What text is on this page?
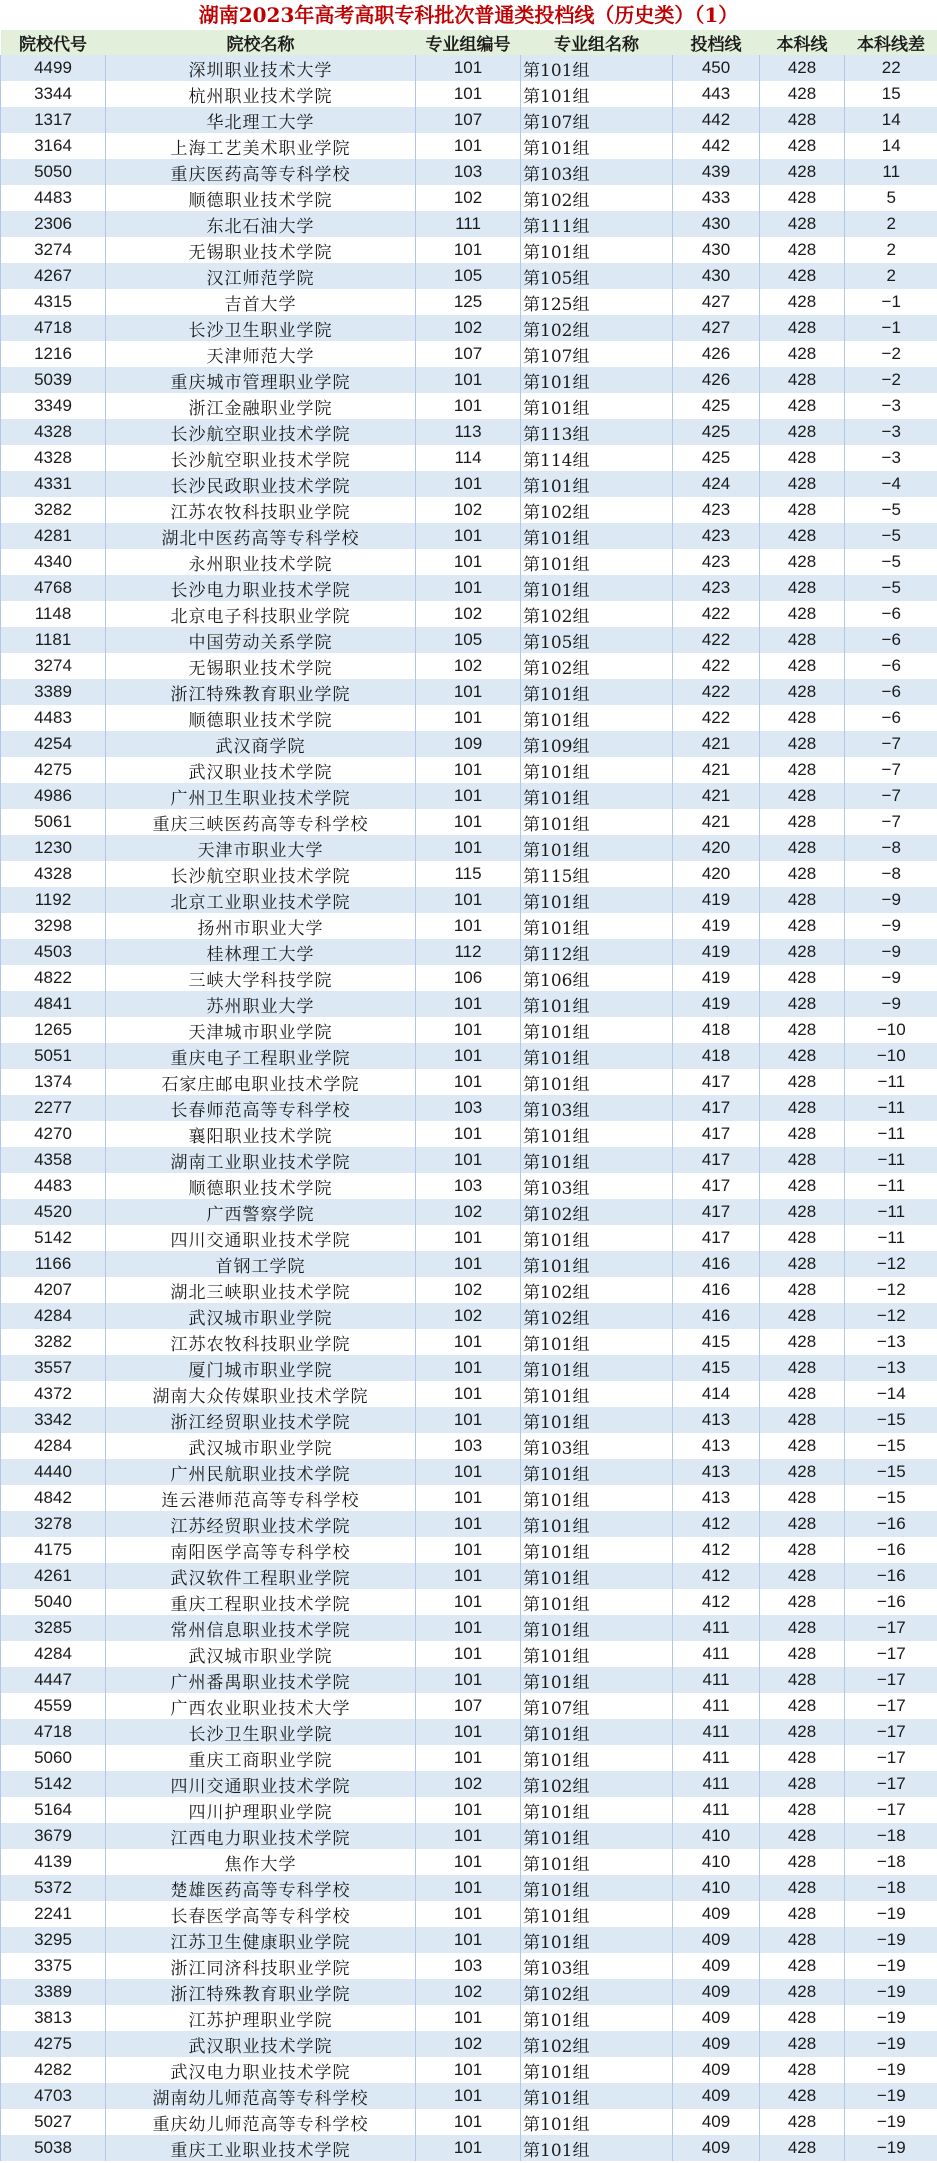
湖南2023年高考高职专科批次普通类投档线（历史类）（1）
院校代号	院校名称	专业组编号	专业组名称	投档线	本科线	本科线差
4499	深圳职业技术大学	101	第101组	450	428	22
3344	杭州职业技术学院	101	第101组	443	428	15
1317	华北理工大学	107	第107组	442	428	14
3164	上海工艺美术职业学院	101	第101组	442	428	14
5050	重庆医药高等专科学校	103	第103组	439	428	11
4483	顺德职业技术学院	102	第102组	433	428	5
2306	东北石油大学	111	第111组	430	428	2
3274	无锡职业技术学院	101	第101组	430	428	2
4267	汉江师范学院	105	第105组	430	428	2
4315	吉首大学	125	第125组	427	428	−1
4718	长沙卫生职业学院	102	第102组	427	428	−1
1216	天津师范大学	107	第107组	426	428	−2
5039	重庆城市管理职业学院	101	第101组	426	428	−2
3349	浙江金融职业学院	101	第101组	425	428	−3
4328	长沙航空职业技术学院	113	第113组	425	428	−3
4328	长沙航空职业技术学院	114	第114组	425	428	−3
4331	长沙民政职业技术学院	101	第101组	424	428	−4
3282	江苏农牧科技职业学院	102	第102组	423	428	−5
4281	湖北中医药高等专科学校	101	第101组	423	428	−5
4340	永州职业技术学院	101	第101组	423	428	−5
4768	长沙电力职业技术学院	101	第101组	423	428	−5
1148	北京电子科技职业学院	102	第102组	422	428	−6
1181	中国劳动关系学院	105	第105组	422	428	−6
3274	无锡职业技术学院	102	第102组	422	428	−6
3389	浙江特殊教育职业学院	101	第101组	422	428	−6
4483	顺德职业技术学院	101	第101组	422	428	−6
4254	武汉商学院	109	第109组	421	428	−7
4275	武汉职业技术学院	101	第101组	421	428	−7
4986	广州卫生职业技术学院	101	第101组	421	428	−7
5061	重庆三峡医药高等专科学校	101	第101组	421	428	−7
1230	天津市职业大学	101	第101组	420	428	−8
4328	长沙航空职业技术学院	115	第115组	420	428	−8
1192	北京工业职业技术学院	101	第101组	419	428	−9
3298	扬州市职业大学	101	第101组	419	428	−9
4503	桂林理工大学	112	第112组	419	428	−9
4822	三峡大学科技学院	106	第106组	419	428	−9
4841	苏州职业大学	101	第101组	419	428	−9
1265	天津城市职业学院	101	第101组	418	428	−10
5051	重庆电子工程职业学院	101	第101组	418	428	−10
1374	石家庄邮电职业技术学院	101	第101组	417	428	−11
2277	长春师范高等专科学校	103	第103组	417	428	−11
4270	襄阳职业技术学院	101	第101组	417	428	−11
4358	湖南工业职业技术学院	101	第101组	417	428	−11
4483	顺德职业技术学院	103	第103组	417	428	−11
4520	广西警察学院	102	第102组	417	428	−11
5142	四川交通职业技术学院	101	第101组	417	428	−11
1166	首钢工学院	101	第101组	416	428	−12
4207	湖北三峡职业技术学院	102	第102组	416	428	−12
4284	武汉城市职业学院	102	第102组	416	428	−12
3282	江苏农牧科技职业学院	101	第101组	415	428	−13
3557	厦门城市职业学院	101	第101组	415	428	−13
4372	湖南大众传媒职业技术学院	101	第101组	414	428	−14
3342	浙江经贸职业技术学院	101	第101组	413	428	−15
4284	武汉城市职业学院	103	第103组	413	428	−15
4440	广州民航职业技术学院	101	第101组	413	428	−15
4842	连云港师范高等专科学校	101	第101组	413	428	−15
3278	江苏经贸职业技术学院	101	第101组	412	428	−16
4175	南阳医学高等专科学校	101	第101组	412	428	−16
4261	武汉软件工程职业学院	101	第101组	412	428	−16
5040	重庆工程职业技术学院	101	第101组	412	428	−16
3285	常州信息职业技术学院	101	第101组	411	428	−17
4284	武汉城市职业学院	101	第101组	411	428	−17
4447	广州番禺职业技术学院	101	第101组	411	428	−17
4559	广西农业职业技术大学	107	第107组	411	428	−17
4718	长沙卫生职业学院	101	第101组	411	428	−17
5060	重庆工商职业学院	101	第101组	411	428	−17
5142	四川交通职业技术学院	102	第102组	411	428	−17
5164	四川护理职业学院	101	第101组	411	428	−17
3679	江西电力职业技术学院	101	第101组	410	428	−18
4139	焦作大学	101	第101组	410	428	−18
5372	楚雄医药高等专科学校	101	第101组	410	428	−18
2241	长春医学高等专科学校	101	第101组	409	428	−19
3295	江苏卫生健康职业学院	101	第101组	409	428	−19
3375	浙江同济科技职业学院	103	第103组	409	428	−19
3389	浙江特殊教育职业学院	102	第102组	409	428	−19
3813	江苏护理职业学院	101	第101组	409	428	−19
4275	武汉职业技术学院	102	第102组	409	428	−19
4282	武汉电力职业技术学院	101	第101组	409	428	−19
4703	湖南幼儿师范高等专科学校	101	第101组	409	428	−19
5027	重庆幼儿师范高等专科学校	101	第101组	409	428	−19
5038	重庆工业职业技术学院	101	第101组	409	428	−19
